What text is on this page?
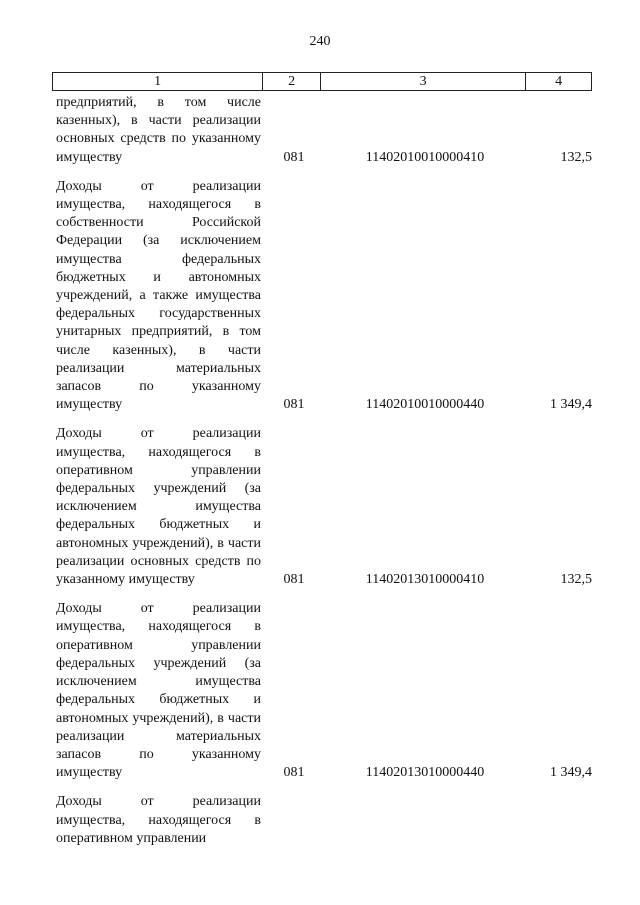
240
1	2	3	4
предприятий, в том числе казенных), в части реализации основных средств по указанному имуществу	081	11402010010000410	132,5
Доходы от реализации имущества, находящегося в собственности Российской Федерации (за исключением имущества федеральных бюджетных и автономных учреждений, а также имущества федеральных государственных унитарных предприятий, в том числе казенных), в части реализации материальных запасов по указанному имуществу	081	11402010010000440	1 349,4
Доходы от реализации имущества, находящегося в оперативном управлении федеральных учреждений (за исключением имущества федеральных бюджетных и автономных учреждений), в части реализации основных средств по указанному имуществу	081	11402013010000410	132,5
Доходы от реализации имущества, находящегося в оперативном управлении федеральных учреждений (за исключением имущества федеральных бюджетных и автономных учреждений), в части реализации материальных запасов по указанному имуществу	081	11402013010000440	1 349,4
Доходы от реализации имущества, находящегося в оперативном управлении
